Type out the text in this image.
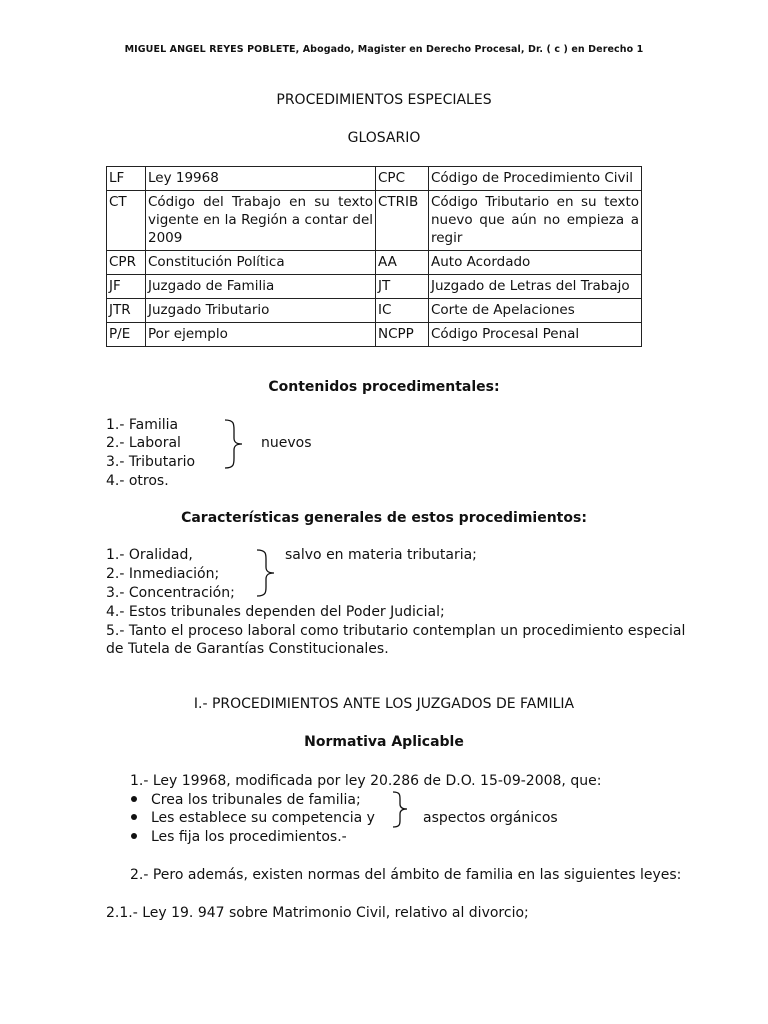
MIGUEL ANGEL REYES POBLETE, Abogado, Magister en Derecho Procesal, Dr. ( c ) en Derecho 1
PROCEDIMIENTOS ESPECIALES
GLOSARIO
LF	Ley 19968	CPC	Código de Procedimiento Civil
CT	Código del Trabajo en su texto vigente en la Región a contar del 2009	CTRIB	Código Tributario en su texto nuevo que aún no empieza a regir
CPR	Constitución Política	AA	Auto Acordado
JF	Juzgado de Familia	JT	Juzgado de Letras del Trabajo
JTR	Juzgado Tributario	IC	Corte de Apelaciones
P/E	Por ejemplo	NCPP	Código Procesal Penal
Contenidos procedimentales:
1.- Familia
2.- Laboral
3.- Tributario
4.- otros.
nuevos
Características generales de estos procedimientos:
1.- Oralidad,
2.- Inmediación;
3.- Concentración;
4.- Estos tribunales dependen del Poder Judicial;
5.- Tanto el proceso laboral como tributario contemplan un procedimiento especial
de Tutela de Garantías Constitucionales.
salvo en materia tributaria;
I.- PROCEDIMIENTOS ANTE LOS JUZGADOS DE FAMILIA
Normativa Aplicable
1.- Ley 19968, modificada por ley 20.286 de D.O. 15-09-2008, que:
Crea los tribunales de familia;
Les establece su competencia y
Les fija los procedimientos.-
aspectos orgánicos
2.- Pero además, existen normas del ámbito de familia en las siguientes leyes:
2.1.- Ley 19. 947 sobre Matrimonio Civil, relativo al divorcio;
